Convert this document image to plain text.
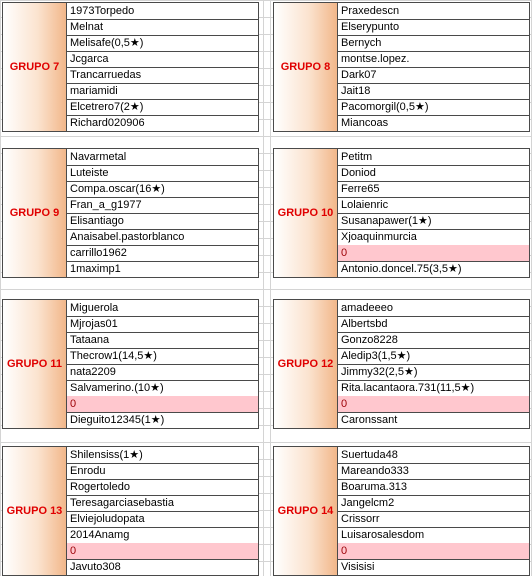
GRUPO 7
1973Torpedo
Melnat
Melisafe(0,5★)
Jcgarca
Trancarruedas
mariamidi
Elcetrero7(2★)
Richard020906
GRUPO 8
Praxedescn
Elserypunto
Bernych
montse.lopez.
Dark07
Jait18
Pacomorgil(0,5★)
Miancoas
GRUPO 9
Navarmetal
Luteiste
Compa.oscar(16★)
Fran_a_g1977
Elisantiago
Anaisabel.pastorblanco
carrillo1962
1maximp1
GRUPO 10
Petitm
Doniod
Ferre65
Lolaienric
Susanapawer(1★)
Xjoaquinmurcia
0
Antonio.doncel.75(3,5★)
GRUPO 11
Miguerola
Mjrojas01
Tataana
Thecrow1(14,5★)
nata2209
Salvamerino.(10★)
0
Dieguito12345(1★)
GRUPO 12
amadeeeo
Albertsbd
Gonzo8228
Aledip3(1,5★)
Jimmy32(2,5★)
Rita.lacantaora.731(11,5★)
0
Caronssant
GRUPO 13
Shilensiss(1★)
Enrodu
Rogertoledo
Teresagarciasebastia
Elviejoludopata
2014Anamg
0
Javuto308
GRUPO 14
Suertuda48
Mareando333
Boaruma.313
Jangelcm2
Crissorr
Luisarosalesdom
0
Visisisi
